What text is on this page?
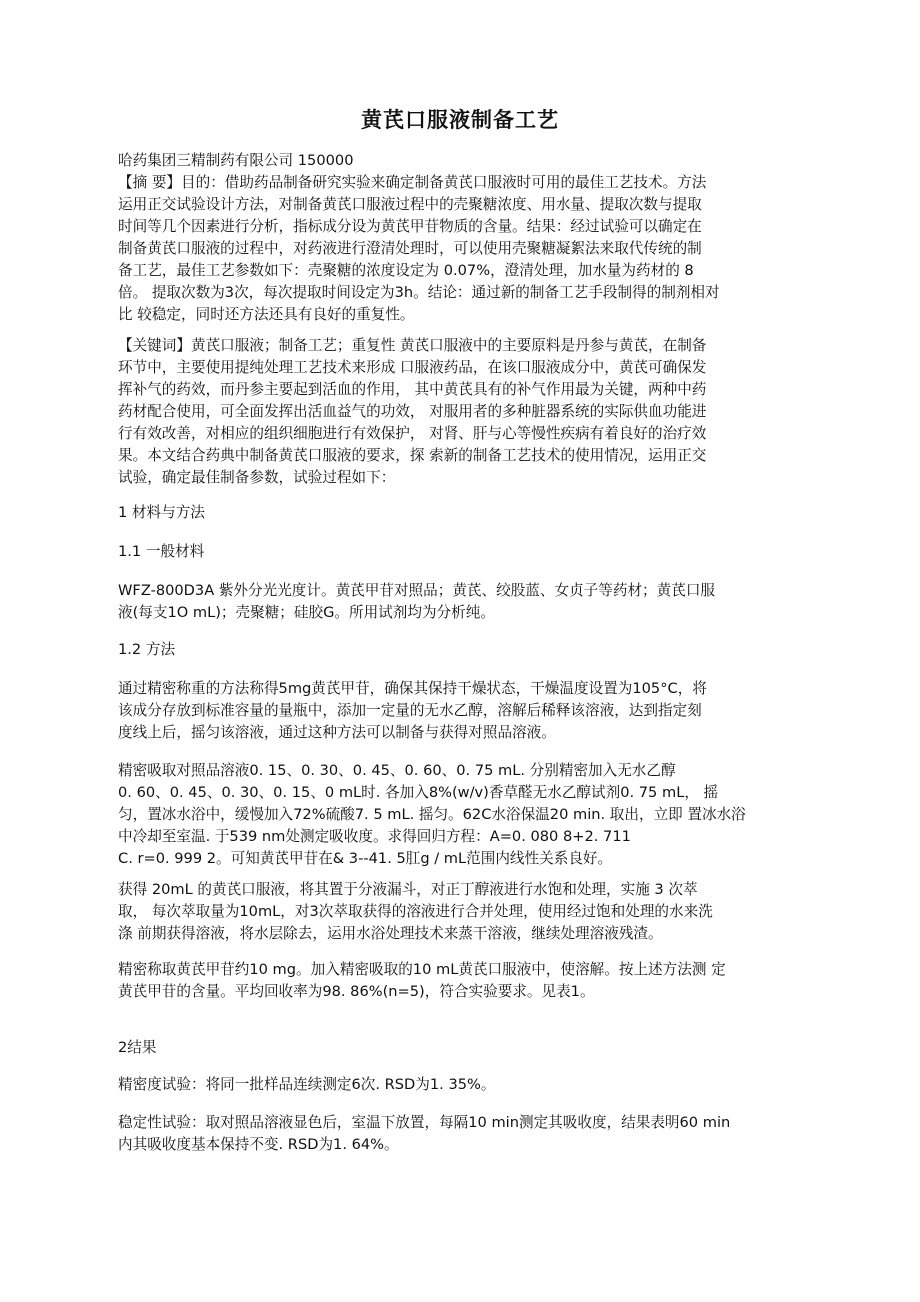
黄芪口服液制备工艺
哈药集团三精制药有限公司 150000
【摘 要】目的：借助药品制备研究实验来确定制备黄芪口服液时可用的最佳工艺技术。方法
运用正交试验设计方法，对制备黄芪口服液过程中的壳聚糖浓度、用水量、提取次数与提取
时间等几个因素进行分析，指标成分设为黄芪甲苷物质的含量。结果：经过试验可以确定在
制备黄芪口服液的过程中，对药液进行澄清处理时，可以使用壳聚糖凝絮法来取代传统的制
备工艺，最佳工艺参数如下：壳聚糖的浓度设定为 0.07%，澄清处理，加水量为药材的 8
倍。 提取次数为3次，每次提取时间设定为3h。结论：通过新的制备工艺手段制得的制剂相对
比 较稳定，同时还方法还具有良好的重复性。
【关键词】黄芪口服液；制备工艺；重复性 黄芪口服液中的主要原料是丹参与黄芪，在制备
环节中，主要使用提纯处理工艺技术来形成 口服液药品，在该口服液成分中，黄芪可确保发
挥补气的药效，而丹参主要起到活血的作用， 其中黄芪具有的补气作用最为关键，两种中药
药材配合使用，可全面发挥出活血益气的功效， 对服用者的多种脏器系统的实际供血功能进
行有效改善，对相应的组织细胞进行有效保护， 对肾、肝与心等慢性疾病有着良好的治疗效
果。本文结合药典中制备黄芪口服液的要求，探 索新的制备工艺技术的使用情况，运用正交
试验，确定最佳制备参数，试验过程如下：
1 材料与方法
1.1 一般材料
WFZ-800D3A 紫外分光光度计。黄芪甲苷对照品；黄芪、绞股蓝、女贞子等药材；黄芪口服
液(每支1O mL)；壳聚糖；硅胶G。所用试剂均为分析纯。
1.2 方法
通过精密称重的方法称得5mg黄芪甲苷，确保其保持干燥状态，干燥温度设置为105°C，将
该成分存放到标准容量的量瓶中，添加一定量的无水乙醇，溶解后稀释该溶液，达到指定刻
度线上后，摇匀该溶液，通过这种方法可以制备与获得对照品溶液。
精密吸取对照品溶液0. 15、0. 30、0. 45、0. 60、0. 75 mL. 分别精密加入无水乙醇
0. 60、0. 45、0. 30、0. 15、0 mL时. 各加入8%(w/v)香草醛无水乙醇试剂0. 75 mL， 摇
匀，置冰水浴中，缓慢加入72%硫酸7. 5 mL. 摇匀。62C水浴保温20 min. 取出，立即 置冰水浴
中冷却至室温. 于539 nm处测定吸收度。求得回归方程：A=0. 080 8+2. 711
C. r=0. 999 2。可知黄芪甲苷在& 3--41. 5肛g / mL范围内线性关系良好。
获得 20mL 的黄芪口服液，将其置于分液漏斗，对正丁醇液进行水饱和处理，实施 3 次萃
取， 每次萃取量为10mL，对3次萃取获得的溶液进行合并处理，使用经过饱和处理的水来洗
涤 前期获得溶液，将水层除去，运用水浴处理技术来蒸干溶液，继续处理溶液残渣。
精密称取黄芪甲苷约10 mg。加入精密吸取的10 mL黄芪口服液中，使溶解。按上述方法测 定
黄芪甲苷的含量。平均回收率为98. 86%(n=5)，符合实验要求。见表1。
2结果
精密度试验：将同一批样品连续测定6次. RSD为1. 35%。
稳定性试验：取对照品溶液显色后，室温下放置，每隔10 min测定其吸收度，结果表明60 min
内其吸收度基本保持不变. RSD为1. 64%。
